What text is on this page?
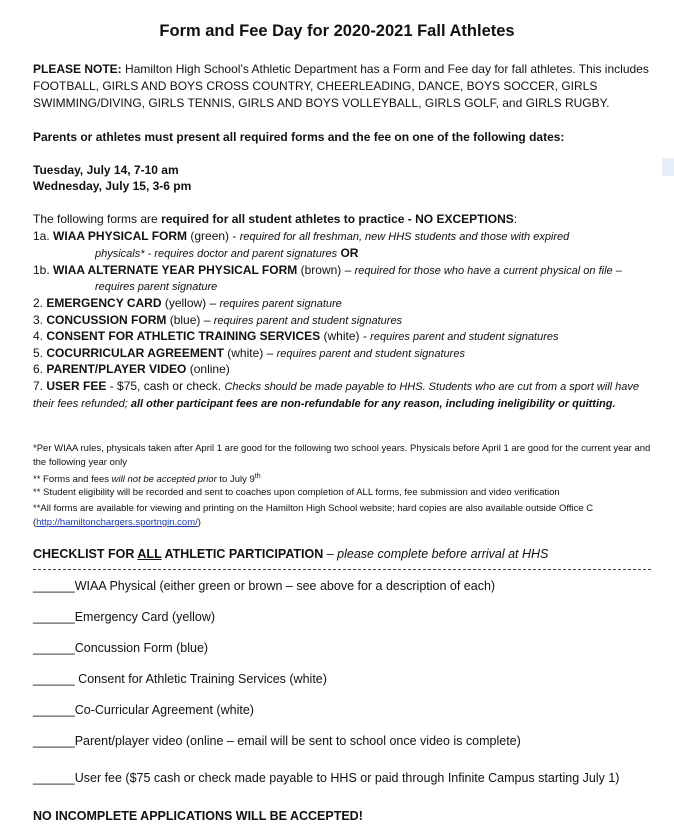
Form and Fee Day for 2020-2021 Fall Athletes
PLEASE NOTE: Hamilton High School’s Athletic Department has a Form and Fee day for fall athletes. This includes FOOTBALL, GIRLS AND BOYS CROSS COUNTRY, CHEERLEADING, DANCE, BOYS SOCCER, GIRLS SWIMMING/DIVING, GIRLS TENNIS, GIRLS AND BOYS VOLLEYBALL, GIRLS GOLF, and GIRLS RUGBY.
Parents or athletes must present all required forms and the fee on one of the following dates:
Tuesday, July 14, 7-10 am
Wednesday, July 15, 3-6 pm
The following forms are required for all student athletes to practice - NO EXCEPTIONS:
1a. WIAA PHYSICAL FORM (green) - required for all freshman, new HHS students and those with expired
physicals* - requires doctor and parent signatures OR
1b. WIAA ALTERNATE YEAR PHYSICAL FORM (brown) – required for those who have a current physical on file –
requires parent signature
2. EMERGENCY CARD (yellow) – requires parent signature
3. CONCUSSION FORM (blue) – requires parent and student signatures
4. CONSENT FOR ATHLETIC TRAINING SERVICES (white) - requires parent and student signatures
5. COCURRICULAR AGREEMENT (white) – requires parent and student signatures
6. PARENT/PLAYER VIDEO (online)
7. USER FEE - $75, cash or check. Checks should be made payable to HHS. Students who are cut from a sport will have their fees refunded; all other participant fees are non-refundable for any reason, including ineligibility or quitting.
*Per WIAA rules, physicals taken after April 1 are good for the following two school years. Physicals before April 1 are good for the current year and the following year only
** Forms and fees will not be accepted prior to July 9th
** Student eligibility will be recorded and sent to coaches upon completion of ALL forms, fee submission and video verification
**All forms are available for viewing and printing on the Hamilton High School website; hard copies are also available outside Office C (http://hamiltonchargers.sportngin.com/)
CHECKLIST FOR ALL ATHLETIC PARTICIPATION – please complete before arrival at HHS
______WIAA Physical (either green or brown – see above for a description of each)
______Emergency Card (yellow)
______Concussion Form (blue)
______ Consent for Athletic Training Services (white)
______Co-Curricular Agreement (white)
______Parent/player video (online – email will be sent to school once video is complete)
______User fee ($75 cash or check made payable to HHS or paid through Infinite Campus starting July 1)
NO INCOMPLETE APPLICATIONS WILL BE ACCEPTED!
